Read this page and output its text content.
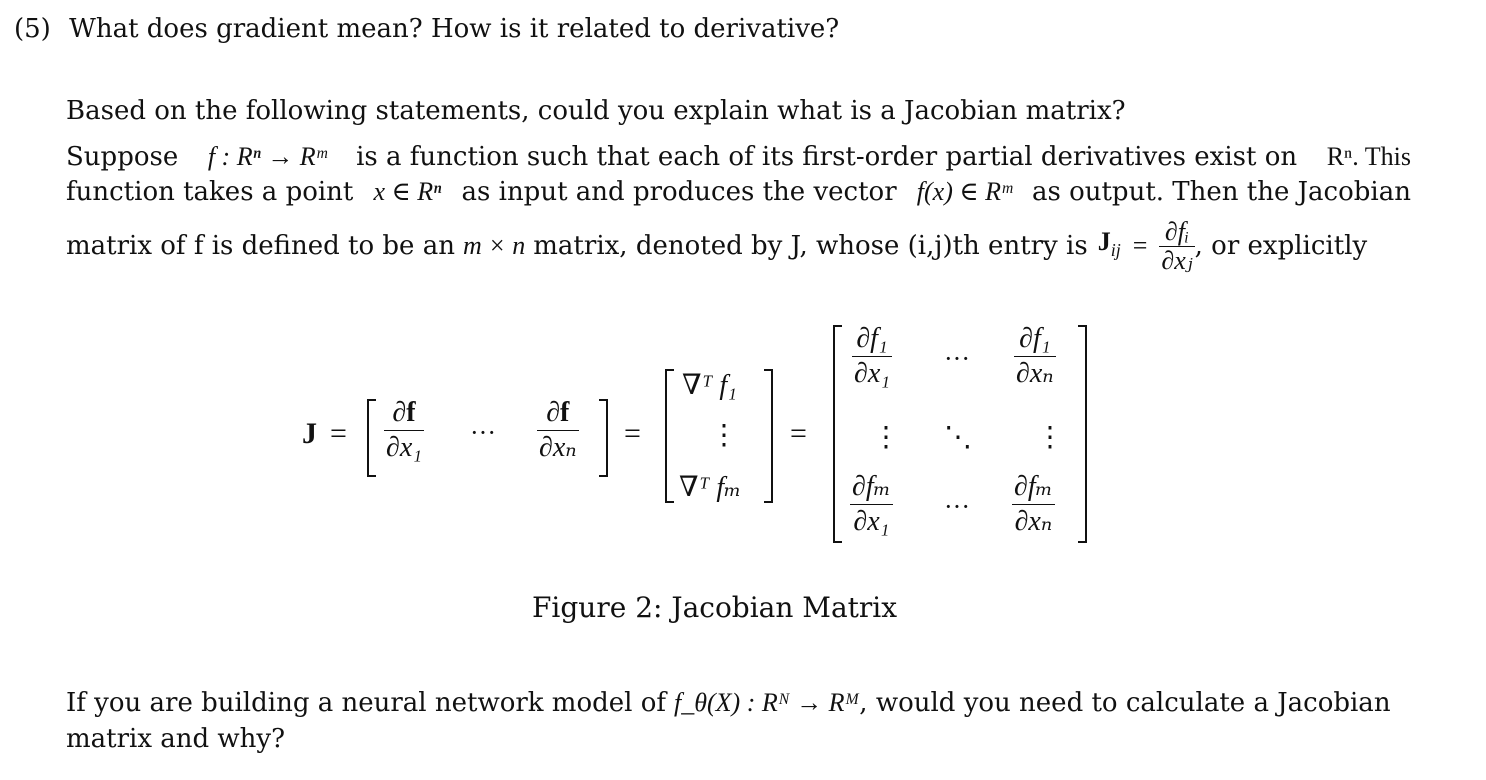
(5) What does gradient mean? How is it related to derivative?
Based on the following statements, could you explain what is a Jacobian matrix?
Suppose f : Rⁿ → Rᵐ is a function such that each of its first-order partial derivatives exist on Rⁿ. This
function takes a point x ∈ Rⁿ as input and produces the vector f(x) ∈ Rᵐ as output. Then the Jacobian
matrix of f is defined to be an m × n matrix, denoted by J, whose (i,j)th entry is $J_{ij} = \frac{\text{∂fᵢ}}{\text{∂xⱼ}}$ , or explicitly
$J = \frac{\partial f}{\text{∂x₁}}$ ··· $\frac{\partial f}{\text{∂xₙ}}$ =
∇ᵀ f₁
⋮
∇ᵀ fₘ
=
$\frac{\text{∂f₁}}{\text{∂x₁}}$ ··· $\frac{\text{∂f₁}}{\text{∂xₙ}}$
⋮ ⋱ ⋮
$\frac{\text{∂fₘ}}{\text{∂x₁}}$ ··· $\frac{\text{∂fₘ}}{\text{∂xₙ}}$
Figure 2: Jacobian Matrix
If you are building a neural network model of f_θ(X) : Rᴺ → Rᴹ , would you need to calculate a Jacobian
matrix and why?
